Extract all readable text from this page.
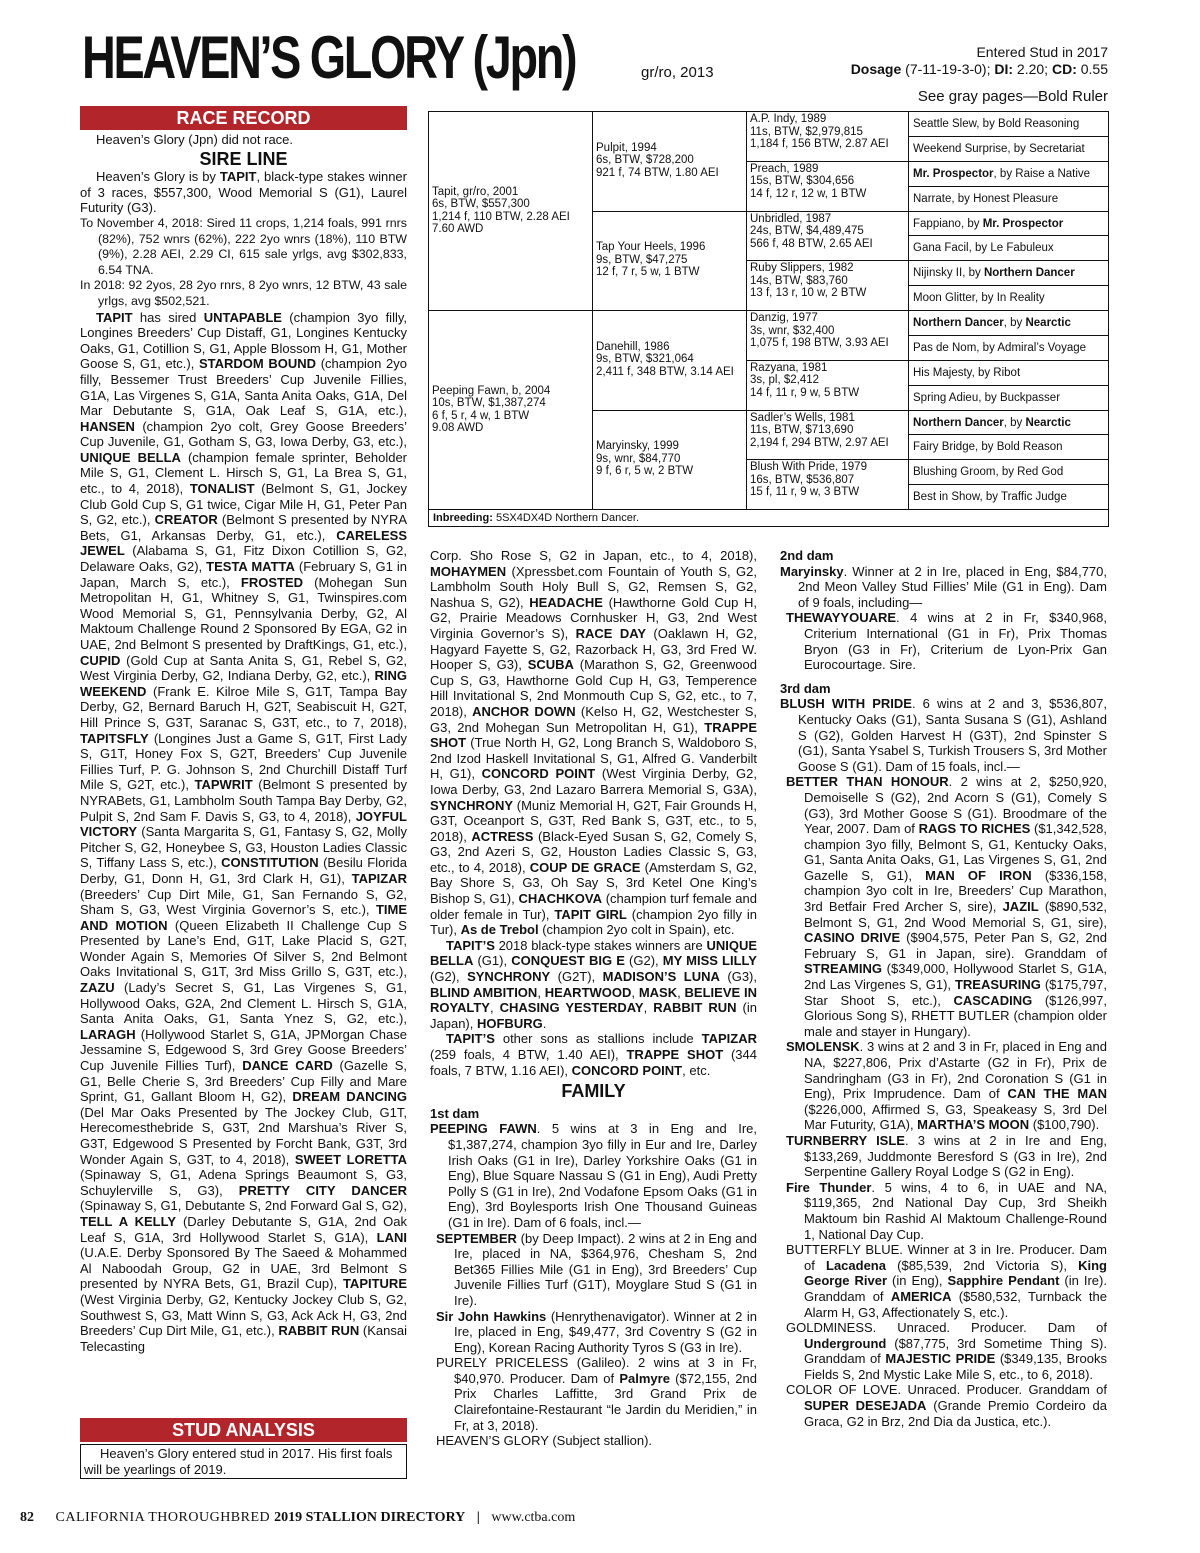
HEAVEN’S GLORY (Jpn)	gr/ro, 2013
Entered Stud in 2017
Dosage (7-11-19-3-0); DI: 2.20; CD: 0.55
See gray pages—Bold Ruler
RACE RECORD

Heaven’s Glory (Jpn) did not race.

SIRE LINE

Heaven’s Glory is by TAPIT, black-type stakes winner of 3 races, $557,300, Wood Memorial S (G1), Laurel Futurity (G3).

To November 4, 2018: Sired 11 crops, 1,214 foals, 991 rnrs (82%), 752 wnrs (62%), 222 2yo wnrs (18%), 110 BTW (9%), 2.28 AEI, 2.29 CI, 615 sale yrlgs, avg $302,833, 6.54 TNA.

In 2018: 92 2yos, 28 2yo rnrs, 8 2yo wnrs, 12 BTW, 43 sale yrlgs, avg $502,521.

TAPIT has sired UNTAPABLE (champion 3yo filly, Longines Breeders’ Cup Distaff, G1, Longines Kentucky Oaks, G1, Cotillion S, G1, Apple Blossom H, G1, Mother Goose S, G1, etc.), STARDOM BOUND (champion 2yo filly, Bessemer Trust Breeders’ Cup Juvenile Fillies, G1A, Las Virgenes S, G1A, Santa Anita Oaks, G1A, Del Mar Debutante S, G1A, Oak Leaf S, G1A, etc.), HANSEN (champion 2yo colt, Grey Goose Breeders’ Cup Juvenile, G1, Gotham S, G3, Iowa Derby, G3, etc.), UNIQUE BELLA (champion female sprinter, Beholder Mile S, G1, Clement L. Hirsch S, G1, La Brea S, G1, etc., to 4, 2018), TONALIST (Belmont S, G1, Jockey Club Gold Cup S, G1 twice, Cigar Mile H, G1, Peter Pan S, G2, etc.), CREATOR (Belmont S presented by NYRA Bets, G1, Arkansas Derby, G1, etc.), CARELESS JEWEL (Alabama S, G1, Fitz Dixon Cotillion S, G2, Delaware Oaks, G2), TESTA MATTA (February S, G1 in Japan, March S, etc.), FROSTED (Mohegan Sun Metropolitan H, G1, Whitney S, G1, Twinspires.com Wood Memorial S, G1, Pennsylvania Derby, G2, Al Maktoum Challenge Round 2 Sponsored By EGA, G2 in UAE, 2nd Belmont S presented by DraftKings, G1, etc.), CUPID (Gold Cup at Santa Anita S, G1, Rebel S, G2, West Virginia Derby, G2, Indiana Derby, G2, etc.), RING WEEKEND (Frank E. Kilroe Mile S, G1T, Tampa Bay Derby, G2, Bernard Baruch H, G2T, Seabiscuit H, G2T, Hill Prince S, G3T, Saranac S, G3T, etc., to 7, 2018), TAPITSFLY (Longines Just a Game S, G1T, First Lady S, G1T, Honey Fox S, G2T, Breeders’ Cup Juvenile Fillies Turf, P. G. Johnson S, 2nd Churchill Distaff Turf Mile S, G2T, etc.), TAPWRIT (Belmont S presented by NYRABets, G1, Lambholm South Tampa Bay Derby, G2, Pulpit S, 2nd Sam F. Davis S, G3, to 4, 2018), JOYFUL VICTORY (Santa Margarita S, G1, Fantasy S, G2, Molly Pitcher S, G2, Honeybee S, G3, Houston Ladies Classic S, Tiffany Lass S, etc.), CONSTITUTION (Besilu Florida Derby, G1, Donn H, G1, 3rd Clark H, G1), TAPIZAR (Breeders’ Cup Dirt Mile, G1, San Fernando S, G2, Sham S, G3, West Virginia Governor’s S, etc.), TIME AND MOTION (Queen Elizabeth II Challenge Cup S Presented by Lane’s End, G1T, Lake Placid S, G2T, Wonder Again S, Memories Of Silver S, 2nd Belmont Oaks Invitational S, G1T, 3rd Miss Grillo S, G3T, etc.), ZAZU (Lady’s Secret S, G1, Las Virgenes S, G1, Hollywood Oaks, G2A, 2nd Clement L. Hirsch S, G1A, Santa Anita Oaks, G1, Santa Ynez S, G2, etc.), LARAGH (Hollywood Starlet S, G1A, JPMorgan Chase Jessamine S, Edgewood S, 3rd Grey Goose Breeders’ Cup Juvenile Fillies Turf), DANCE CARD (Gazelle S, G1, Belle Cherie S, 3rd Breeders’ Cup Filly and Mare Sprint, G1, Gallant Bloom H, G2), DREAM DANCING (Del Mar Oaks Presented by The Jockey Club, G1T, Herecomesthebride S, G3T, 2nd Marshua’s River S, G3T, Edgewood S Presented by Forcht Bank, G3T, 3rd Wonder Again S, G3T, to 4, 2018), SWEET LORETTA (Spinaway S, G1, Adena Springs Beaumont S, G3, Schuylerville S, G3), PRETTY CITY DANCER (Spinaway S, G1, Debutante S, 2nd Forward Gal S, G2), TELL A KELLY (Darley Debutante S, G1A, 2nd Oak Leaf S, G1A, 3rd Hollywood Starlet S, G1A), LANI (U.A.E. Derby Sponsored By The Saeed & Mohammed Al Naboodah Group, G2 in UAE, 3rd Belmont S presented by NYRA Bets, G1, Brazil Cup), TAPITURE (West Virginia Derby, G2, Kentucky Jockey Club S, G2, Southwest S, G3, Matt Winn S, G3, Ack Ack H, G3, 2nd Breeders’ Cup Dirt Mile, G1, etc.), RABBIT RUN (Kansai Telecasting

STUD ANALYSIS
Heaven’s Glory entered stud in 2017. His first foals will be yearlings of 2019.
Tapit, gr/ro, 2001
6s, BTW, $557,300
1,214 f, 110 BTW, 2.28 AEI
7.60 AWD
Peeping Fawn, b, 2004
10s, BTW, $1,387,274
6 f, 5 r, 4 w, 1 BTW
9.08 AWD
Pulpit, 1994
6s, BTW, $728,200
921 f, 74 BTW, 1.80 AEI
Tap Your Heels, 1996
9s, BTW, $47,275
12 f, 7 r, 5 w, 1 BTW
Danehill, 1986
9s, BTW, $321,064
2,411 f, 348 BTW, 3.14 AEI
Maryinsky, 1999
9s, wnr, $84,770
9 f, 6 r, 5 w, 2 BTW
A.P. Indy, 1989
11s, BTW, $2,979,815
1,184 f, 156 BTW, 2.87 AEI
Preach, 1989
15s, BTW, $304,656
14 f, 12 r, 12 w, 1 BTW
Unbridled, 1987
24s, BTW, $4,489,475
566 f, 48 BTW, 2.65 AEI
Ruby Slippers, 1982
14s, BTW, $83,760
13 f, 13 r, 10 w, 2 BTW
Danzig, 1977
3s, wnr, $32,400
1,075 f, 198 BTW, 3.93 AEI
Razyana, 1981
3s, pl, $2,412
14 f, 11 r, 9 w, 5 BTW
Sadler’s Wells, 1981
11s, BTW, $713,690
2,194 f, 294 BTW, 2.97 AEI
Blush With Pride, 1979
16s, BTW, $536,807
15 f, 11 r, 9 w, 3 BTW
Seattle Slew, by Bold Reasoning
Weekend Surprise, by Secretariat
Mr. Prospector, by Raise a Native
Narrate, by Honest Pleasure
Fappiano, by Mr. Prospector
Gana Facil, by Le Fabuleux
Nijinsky II, by Northern Dancer
Moon Glitter, by In Reality
Northern Dancer, by Nearctic
Pas de Nom, by Admiral’s Voyage
His Majesty, by Ribot
Spring Adieu, by Buckpasser
Northern Dancer, by Nearctic
Fairy Bridge, by Bold Reason
Blushing Groom, by Red God
Best in Show, by Traffic Judge
Inbreeding: 5SX4DX4D Northern Dancer.

Corp. Sho Rose S, G2 in Japan, etc., to 4, 2018), MOHAYMEN (Xpressbet.com Fountain of Youth S, G2, Lambholm South Holy Bull S, G2, Remsen S, G2, Nashua S, G2), HEADACHE (Hawthorne Gold Cup H, G2, Prairie Meadows Cornhusker H, G3, 2nd West Virginia Governor’s S), RACE DAY (Oaklawn H, G2, Hagyard Fayette S, G2, Razorback H, G3, 3rd Fred W. Hooper S, G3), SCUBA (Marathon S, G2, Greenwood Cup S, G3, Hawthorne Gold Cup H, G3, Temperence Hill Invitational S, 2nd Monmouth Cup S, G2, etc., to 7, 2018), ANCHOR DOWN (Kelso H, G2, Westchester S, G3, 2nd Mohegan Sun Metropolitan H, G1), TRAPPE SHOT (True North H, G2, Long Branch S, Waldoboro S, 2nd Izod Haskell Invitational S, G1, Alfred G. Vanderbilt H, G1), CONCORD POINT (West Virginia Derby, G2, Iowa Derby, G3, 2nd Lazaro Barrera Memorial S, G3A), SYNCHRONY (Muniz Memorial H, G2T, Fair Grounds H, G3T, Oceanport S, G3T, Red Bank S, G3T, etc., to 5, 2018), ACTRESS (Black-Eyed Susan S, G2, Comely S, G3, 2nd Azeri S, G2, Houston Ladies Classic S, G3, etc., to 4, 2018), COUP DE GRACE (Amsterdam S, G2, Bay Shore S, G3, Oh Say S, 3rd Ketel One King’s Bishop S, G1), CHACHKOVA (champion turf female and older female in Tur), TAPIT GIRL (champion 2yo filly in Tur), As de Trebol (champion 2yo colt in Spain), etc.

TAPIT’S 2018 black-type stakes winners are UNIQUE BELLA (G1), CONQUEST BIG E (G2), MY MISS LILLY (G2), SYNCHRONY (G2T), MADISON’S LUNA (G3), BLIND AMBITION, HEARTWOOD, MASK, BELIEVE IN ROYALTY, CHASING YESTERDAY, RABBIT RUN (in Japan), HOFBURG.

TAPIT’S other sons as stallions include TAPIZAR (259 foals, 4 BTW, 1.40 AEI), TRAPPE SHOT (344 foals, 7 BTW, 1.16 AEI), CONCORD POINT, etc.

FAMILY
1st dam

PEEPING FAWN. 5 wins at 3 in Eng and Ire, $1,387,274, champion 3yo filly in Eur and Ire, Darley Irish Oaks (G1 in Ire), Darley Yorkshire Oaks (G1 in Eng), Blue Square Nassau S (G1 in Eng), Audi Pretty Polly S (G1 in Ire), 2nd Vodafone Epsom Oaks (G1 in Eng), 3rd Boylesports Irish One Thousand Guineas (G1 in Ire). Dam of 6 foals, incl.—

SEPTEMBER (by Deep Impact). 2 wins at 2 in Eng and Ire, placed in NA, $364,976, Chesham S, 2nd Bet365 Fillies Mile (G1 in Eng), 3rd Breeders’ Cup Juvenile Fillies Turf (G1T), Moyglare Stud S (G1 in Ire).

Sir John Hawkins (Henrythenavigator). Winner at 2 in Ire, placed in Eng, $49,477, 3rd Coventry S (G2 in Eng), Korean Racing Authority Tyros S (G3 in Ire).

PURELY PRICELESS (Galileo). 2 wins at 3 in Fr, $40,970. Producer. Dam of Palmyre ($72,155, 2nd Prix Charles Laffitte, 3rd Grand Prix de Clairefontaine-Restaurant “le Jardin du Meridien,” in Fr, at 3, 2018).

HEAVEN’S GLORY (Subject stallion).

2nd dam

Maryinsky. Winner at 2 in Ire, placed in Eng, $84,770, 2nd Meon Valley Stud Fillies’ Mile (G1 in Eng). Dam of 9 foals, including—

THEWAYYOUARE. 4 wins at 2 in Fr, $340,968, Criterium International (G1 in Fr), Prix Thomas Bryon (G3 in Fr), Criterium de Lyon-Prix Gan Eurocourtage. Sire.

3rd dam

BLUSH WITH PRIDE. 6 wins at 2 and 3, $536,807, Kentucky Oaks (G1), Santa Susana S (G1), Ashland S (G2), Golden Harvest H (G3T), 2nd Spinster S (G1), Santa Ysabel S, Turkish Trousers S, 3rd Mother Goose S (G1). Dam of 15 foals, incl.—

BETTER THAN HONOUR. 2 wins at 2, $250,920, Demoiselle S (G2), 2nd Acorn S (G1), Comely S (G3), 3rd Mother Goose S (G1). Broodmare of the Year, 2007. Dam of RAGS TO RICHES ($1,342,528, champion 3yo filly, Belmont S, G1, Kentucky Oaks, G1, Santa Anita Oaks, G1, Las Virgenes S, G1, 2nd Gazelle S, G1), MAN OF IRON ($336,158, champion 3yo colt in Ire, Breeders’ Cup Marathon, 3rd Betfair Fred Archer S, sire), JAZIL ($890,532, Belmont S, G1, 2nd Wood Memorial S, G1, sire), CASINO DRIVE ($904,575, Peter Pan S, G2, 2nd February S, G1 in Japan, sire). Granddam of STREAMING ($349,000, Hollywood Starlet S, G1A, 2nd Las Virgenes S, G1), TREASURING ($175,797, Star Shoot S, etc.), CASCADING ($126,997, Glorious Song S), RHETT BUTLER (champion older male and stayer in Hungary).

SMOLENSK. 3 wins at 2 and 3 in Fr, placed in Eng and NA, $227,806, Prix d’Astarte (G2 in Fr), Prix de Sandringham (G3 in Fr), 2nd Coronation S (G1 in Eng), Prix Imprudence. Dam of CAN THE MAN ($226,000, Affirmed S, G3, Speakeasy S, 3rd Del Mar Futurity, G1A), MARTHA’S MOON ($100,790).

TURNBERRY ISLE. 3 wins at 2 in Ire and Eng, $133,269, Juddmonte Beresford S (G3 in Ire), 2nd Serpentine Gallery Royal Lodge S (G2 in Eng).

Fire Thunder. 5 wins, 4 to 6, in UAE and NA, $119,365, 2nd National Day Cup, 3rd Sheikh Maktoum bin Rashid Al Maktoum Challenge-Round 1, National Day Cup.

BUTTERFLY BLUE. Winner at 3 in Ire. Producer. Dam of Lacadena ($85,539, 2nd Victoria S), King George River (in Eng), Sapphire Pendant (in Ire). Granddam of AMERICA ($580,532, Turnback the Alarm H, G3, Affectionately S, etc.).

GOLDMINESS. Unraced. Producer. Dam of Underground ($87,775, 3rd Sometime Thing S). Granddam of MAJESTIC PRIDE ($349,135, Brooks Fields S, 2nd Mystic Lake Mile S, etc., to 6, 2018).

COLOR OF LOVE. Unraced. Producer. Granddam of SUPER DESEJADA (Grande Premio Cordeiro da Graca, G2 in Brz, 2nd Dia da Justica, etc.).

82 CALIFORNIA THOROUGHBRED 2019 STALLION DIRECTORY | www.ctba.com
